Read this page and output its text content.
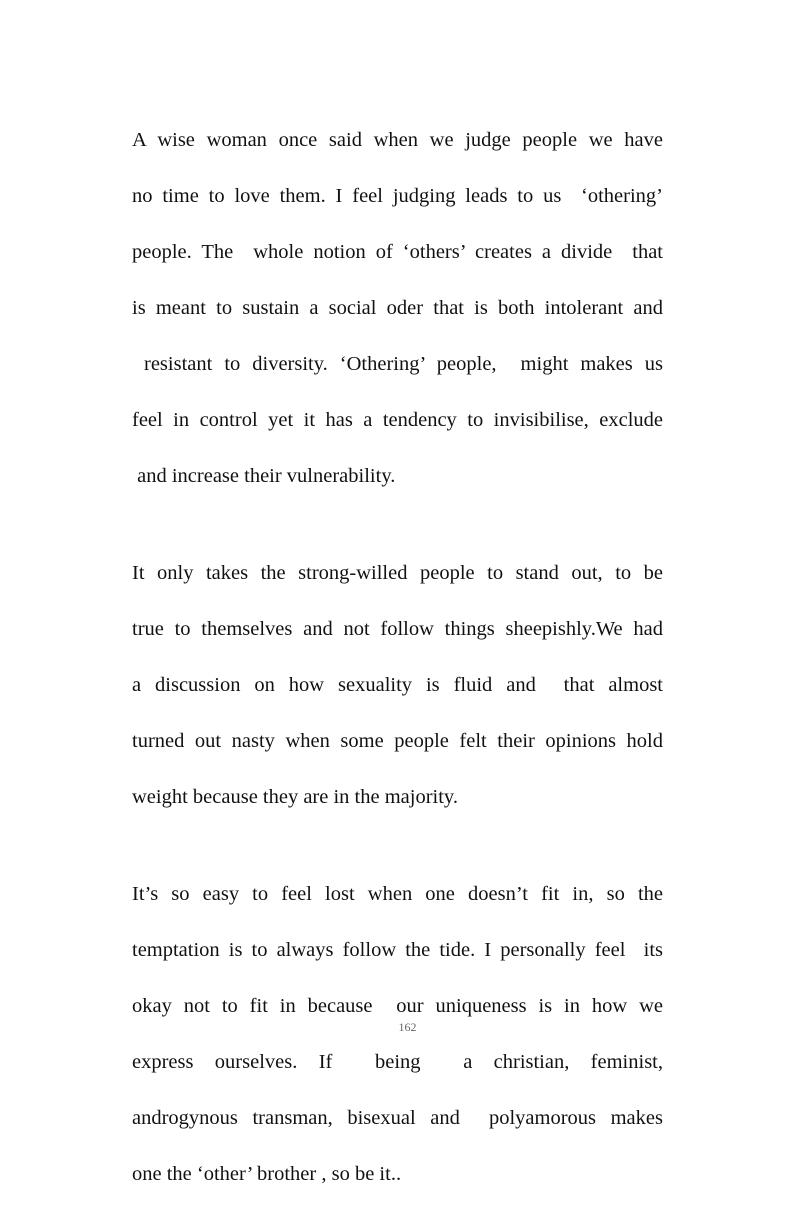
A wise woman once said when we judge people we have

no time to love them. I feel judging leads to us  ‘othering’

people. The  whole notion of ‘others’ creates a divide  that

is meant to sustain a social oder that is both intolerant and

resistant to diversity. ‘Othering’ people,  might makes us

feel in control yet it has a tendency to invisibilise, exclude

and increase their vulnerability.

It only takes the strong-willed people to stand out, to be

true to themselves and not follow things sheepishly.We had

a discussion on how sexuality is fluid and  that almost

turned out nasty when some people felt their opinions hold

weight because they are in the majority.

It’s so easy to feel lost when one doesn’t fit in, so the

temptation is to always follow the tide. I personally feel  its

okay not to fit in because  our uniqueness is in how we

express ourselves. If  being  a christian, feminist,

androgynous transman, bisexual and  polyamorous makes

one the ‘other’ brother , so be it..

162
